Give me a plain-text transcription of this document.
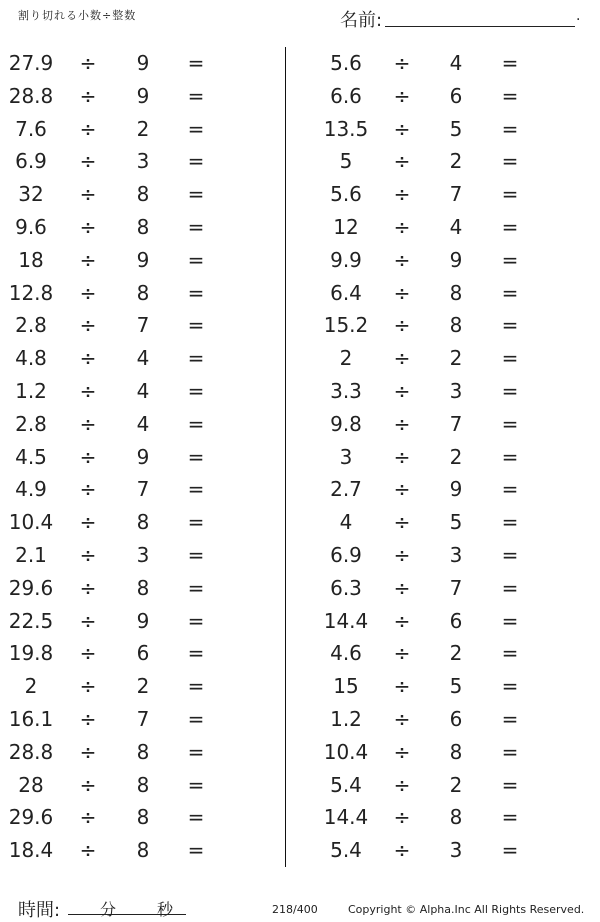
割り切れる小数÷整数	名前:	.
27.9	÷ 9 =
28.8	÷ 9 =
7.6	÷ 2 =
6.9	÷ 3 =
32	÷ 8 =
9.6	÷ 8 =
18	÷ 9 =
12.8	÷ 8 =
2.8	÷ 7 =
4.8	÷ 4 =
1.2	÷ 4 =
2.8	÷ 4 =
4.5	÷ 9 =
4.9	÷ 7 =
10.4	÷ 8 =
2.1	÷ 3 =
29.6	÷ 8 =
22.5	÷ 9 =
19.8	÷ 6 =
2	÷ 2 =
16.1	÷ 7 =
28.8	÷ 8 =
28	÷ 8 =
29.6	÷ 8 =
18.4	÷ 8 =
5.6	÷ 4 =
6.6	÷ 6 =
13.5	÷ 5 =
5	÷ 2 =
5.6	÷ 7 =
12	÷ 4 =
9.9	÷ 9 =
6.4	÷ 8 =
15.2	÷ 8 =
2	÷ 2 =
3.3	÷ 3 =
9.8	÷ 7 =
3	÷ 2 =
2.7	÷ 9 =
4	÷ 5 =
6.9	÷ 3 =
6.3	÷ 7 =
14.4	÷ 6 =
4.6	÷ 2 =
15	÷ 5 =
1.2	÷ 6 =
10.4	÷ 8 =
5.4	÷ 2 =
14.4	÷ 8 =
5.4	÷ 3 =
時間: 分	秒	218/400	Copyright © Alpha.Inc All Rights Reserved.
